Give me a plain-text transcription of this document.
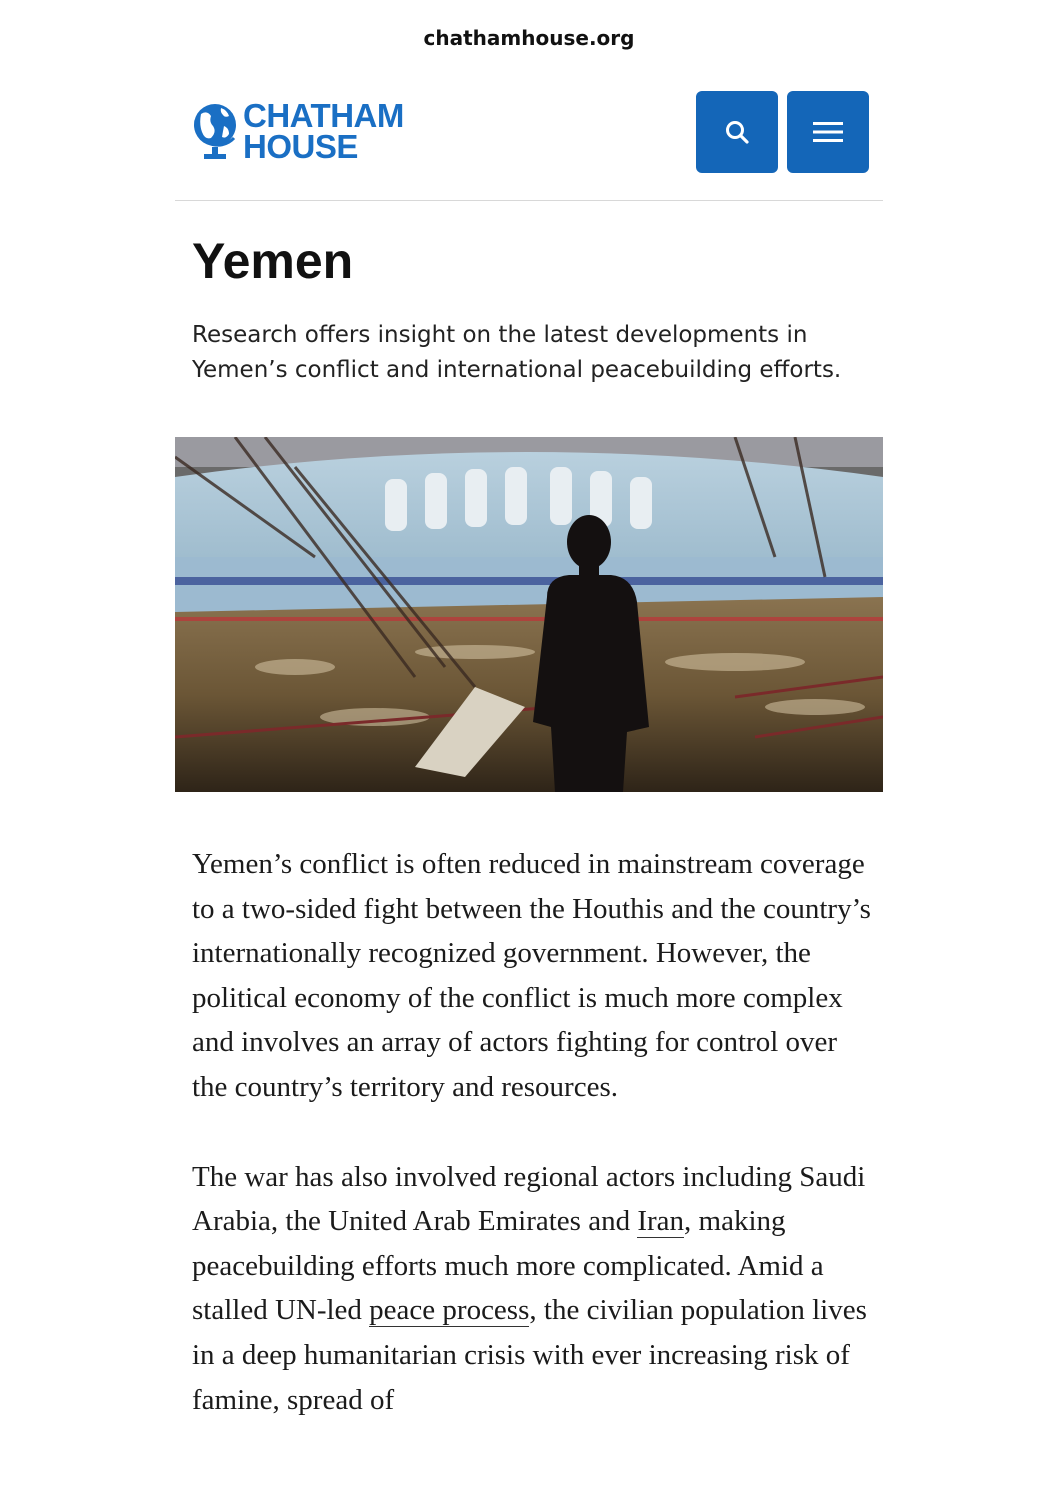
chathamhouse.org
CHATHAM
HOUSE
Yemen
Research offers insight on the latest developments in Yemen’s conflict and international peacebuilding efforts.

Yemen’s conflict is often reduced in mainstream coverage to a two-sided fight between the Houthis and the country’s internationally recognized government. However, the political economy of the conflict is much more complex and involves an array of actors fighting for control over the country’s territory and resources.

The war has also involved regional actors including Saudi Arabia, the United Arab Emirates and Iran, making peacebuilding efforts much more complicated. Amid a stalled UN-led peace process, the civilian population lives in a deep humanitarian crisis with ever increasing risk of famine, spread of
